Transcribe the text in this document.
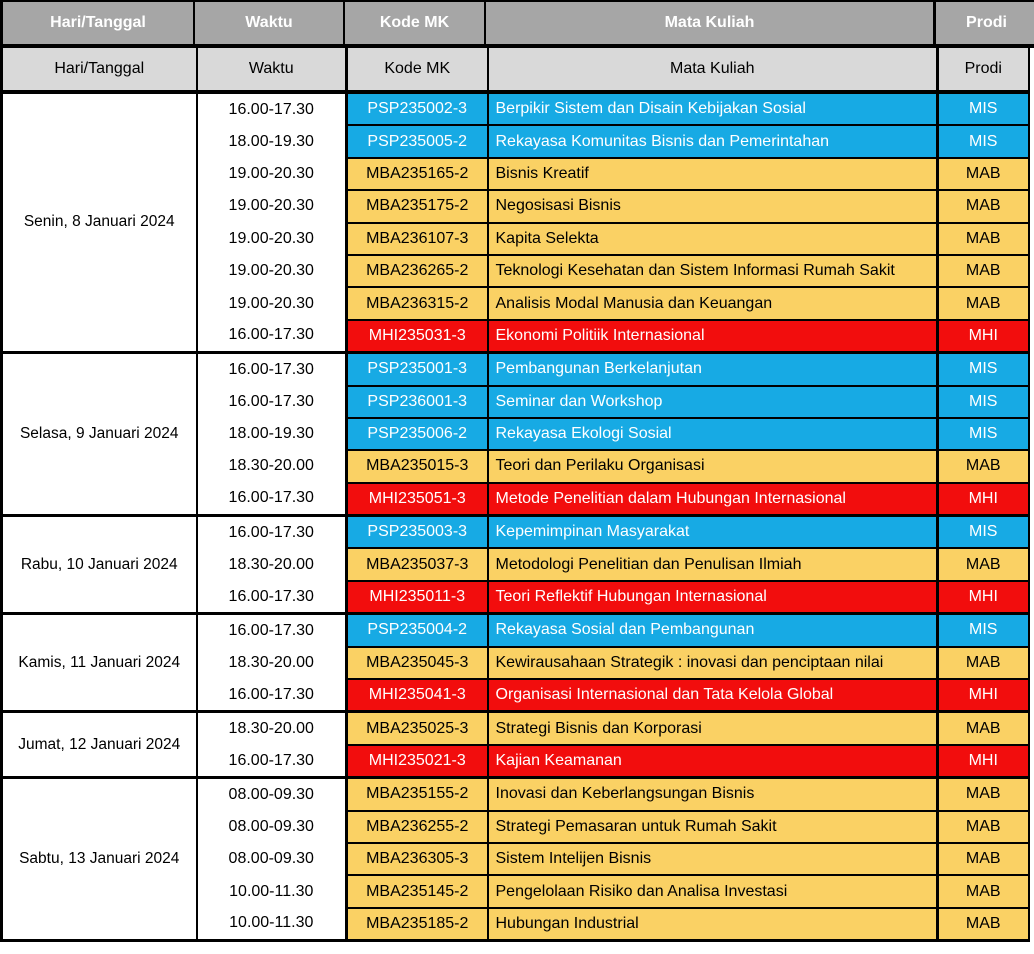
Hari/Tanggal	Waktu	Kode MK	Mata Kuliah	Prodi
Hari/Tanggal	Waktu	Kode MK	Mata Kuliah	Prodi
Senin, 8 Januari 2024	16.00-17.30	PSP235002-3	Berpikir Sistem dan Disain Kebijakan Sosial	MIS
	18.00-19.30	PSP235005-2	Rekayasa Komunitas Bisnis dan Pemerintahan	MIS
	19.00-20.30	MBA235165-2	Bisnis Kreatif	MAB
	19.00-20.30	MBA235175-2	Negosisasi Bisnis	MAB
	19.00-20.30	MBA236107-3	Kapita Selekta	MAB
	19.00-20.30	MBA236265-2	Teknologi Kesehatan dan Sistem Informasi Rumah Sakit	MAB
	19.00-20.30	MBA236315-2	Analisis Modal Manusia dan Keuangan	MAB
	16.00-17.30	MHI235031-3	Ekonomi Politiik Internasional	MHI
Selasa, 9 Januari 2024	16.00-17.30	PSP235001-3	Pembangunan Berkelanjutan	MIS
	16.00-17.30	PSP236001-3	Seminar dan Workshop	MIS
	18.00-19.30	PSP235006-2	Rekayasa Ekologi Sosial	MIS
	18.30-20.00	MBA235015-3	Teori dan Perilaku Organisasi	MAB
	16.00-17.30	MHI235051-3	Metode Penelitian dalam Hubungan Internasional	MHI
Rabu, 10 Januari 2024	16.00-17.30	PSP235003-3	Kepemimpinan Masyarakat	MIS
	18.30-20.00	MBA235037-3	Metodologi Penelitian dan Penulisan Ilmiah	MAB
	16.00-17.30	MHI235011-3	Teori Reflektif Hubungan Internasional	MHI
Kamis, 11 Januari 2024	16.00-17.30	PSP235004-2	Rekayasa Sosial dan Pembangunan	MIS
	18.30-20.00	MBA235045-3	Kewirausahaan Strategik : inovasi dan penciptaan nilai	MAB
	16.00-17.30	MHI235041-3	Organisasi Internasional dan Tata Kelola Global	MHI
Jumat, 12 Januari 2024	18.30-20.00	MBA235025-3	Strategi Bisnis dan Korporasi	MAB
	16.00-17.30	MHI235021-3	Kajian Keamanan	MHI
Sabtu, 13 Januari 2024	08.00-09.30	MBA235155-2	Inovasi dan Keberlangsungan Bisnis	MAB
	08.00-09.30	MBA236255-2	Strategi Pemasaran untuk Rumah Sakit	MAB
	08.00-09.30	MBA236305-3	Sistem Intelijen Bisnis	MAB
	10.00-11.30	MBA235145-2	Pengelolaan Risiko dan Analisa Investasi	MAB
	10.00-11.30	MBA235185-2	Hubungan Industrial	MAB
